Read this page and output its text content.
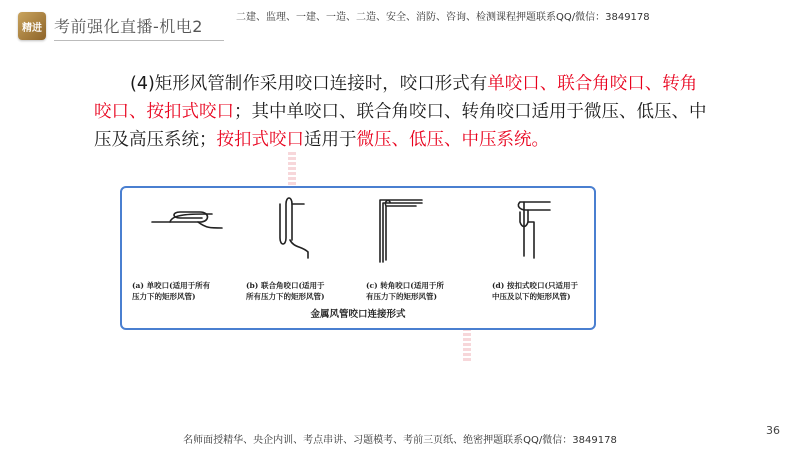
精进 考前强化直播-机电2	二建、监理、一建、一造、二造、安全、消防、咨询、检测课程押题联系QQ/微信：3849178
(4)矩形风管制作采用咬口连接时，咬口形式有单咬口、联合角咬口、转角咬口、按扣式咬口；其中单咬口、联合角咬口、转角咬口适用于微压、低压、中压及高压系统；按扣式咬口适用于微压、低压、中压系统。
(a) 单咬口(适用于所有
压力下的矩形风管)
(b) 联合角咬口(适用于
所有压力下的矩形风管)
(c) 转角咬口(适用于所
有压力下的矩形风管)
(d) 按扣式咬口(只适用于
中压及以下的矩形风管)
金属风管咬口连接形式
36
名师面授精华、央企内训、考点串讲、习题模考、考前三页纸、绝密押题联系QQ/微信：3849178
